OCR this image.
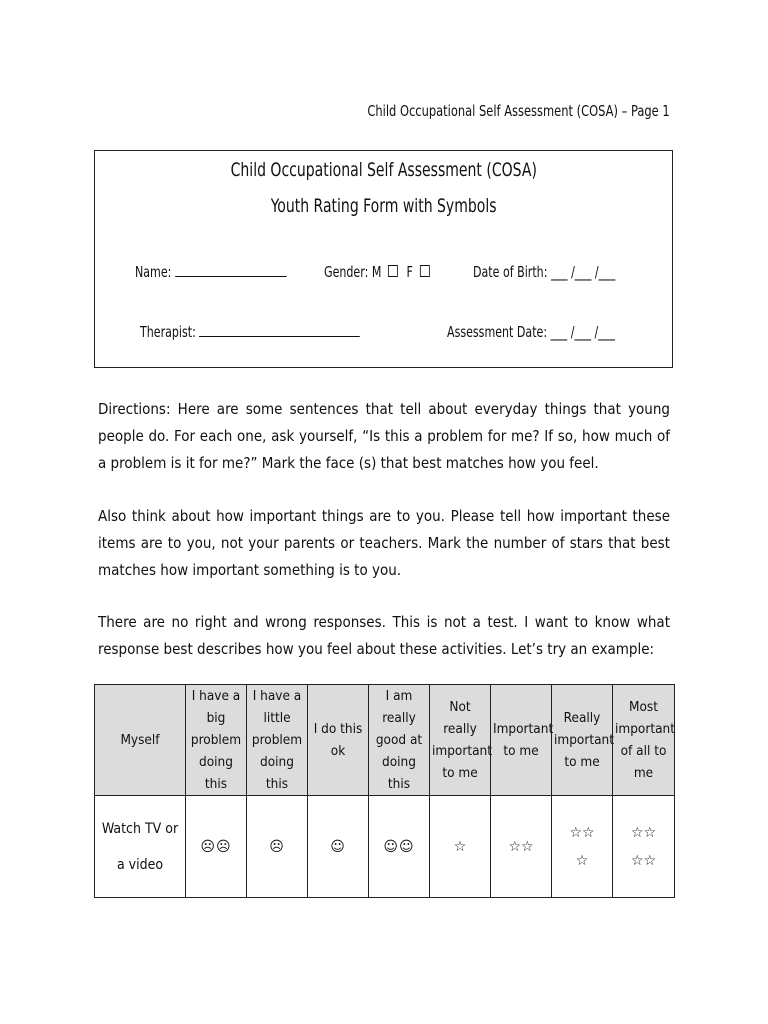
Child Occupational Self Assessment (COSA) – Page 1
Child Occupational Self Assessment (COSA)
Youth Rating Form with Symbols
Name:	Gender: M F	Date of Birth: ___ /___ /___
Therapist:	Assessment Date: ___ /___ /___
Directions: Here are some sentences that tell about everyday things that young people do. For each one, ask yourself, “Is this a problem for me? If so, how much of a problem is it for me?” Mark the face (s) that best matches how you feel.
Also think about how important things are to you. Please tell how important these items are to you, not your parents or teachers. Mark the number of stars that best matches how important something is to you.
There are no right and wrong responses. This is not a test. I want to know what response best describes how you feel about these activities. Let’s try an example:
Myself	I have a big problem doing this	I have a little problem doing this	I do this ok	I am really good at doing this	Not really important to me	Important to me	Really important to me	Most important of all to me
Watch TV or a video	☹☹	☹	☺	☺☺	☆	☆☆	☆☆ ☆	☆☆ ☆☆
